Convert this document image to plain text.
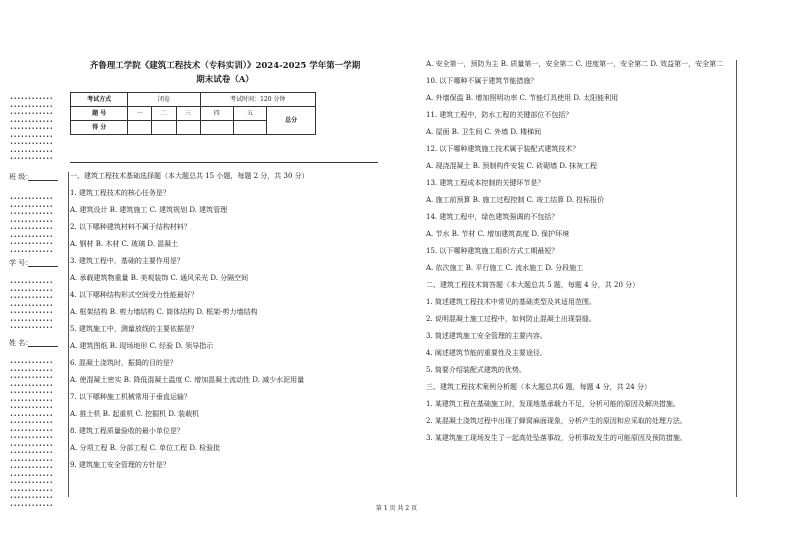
••••••••••••
••••••••••••
••••••••••••
••••••••••••
••••••••••••
••••••••••••
••••••••••••
••••••••••••
••••••••••••
班 级：
••••••••••••
••••••••••••
••••••••••••
••••••••••••
••••••••••••
••••••••••••
••••••••••••
••••••••••••
学 号：
••••••••••••
••••••••••••
••••••••••••
••••••••••••
••••••••••••
••••••••••••
••••••••••••
姓 名：
••••••••••••
••••••••••••
••••••••••••
••••••••••••
••••••••••••
••••••••••••
••••••••••••
••••••••••••
••••••••••••
••••••••••••
••••••••••••
••••••••••••
••••••••••••
••••••••••••
••••••••••••
••••••••••••
••••••••••••
••••••••••••
••••••••••••
••••••••••••
齐鲁理工学院《建筑工程技术（专科实训）》2024-2025 学年第一学期
期末试卷（A）
考试方式	闭卷			考试时间：120 分钟		
题 号	一	二	三	四	五	总分
得 分						

一、建筑工程技术基础选择题（本大题总共 15 小题，每题 2 分，共 30 分）

1. 建筑工程技术的核心任务是？

A. 建筑设计 B. 建筑施工 C. 建筑规划 D. 建筑管理

2. 以下哪种建筑材料不属于结构材料？

A. 钢材 B. 木材 C. 玻璃 D. 混凝土

3. 建筑工程中，基础的主要作用是？

A. 承载建筑物重量 B. 美观装饰 C. 通风采光 D. 分隔空间

4. 以下哪种结构形式空间受力性能最好？

A. 框架结构 B. 剪力墙结构 C. 筒体结构 D. 框架-剪力墙结构

5. 建筑施工中，测量放线的主要依据是？

A. 建筑图纸 B. 现场地形 C. 经验 D. 领导指示

6. 混凝土浇筑时，振捣的目的是？

A. 使混凝土密实 B. 降低混凝土温度 C. 增加混凝土流动性 D. 减少水泥用量

7. 以下哪种施工机械常用于垂直运输？

A. 推土机 B. 起重机 C. 挖掘机 D. 装载机

8. 建筑工程质量验收的最小单位是？

A. 分项工程 B. 分部工程 C. 单位工程 D. 检验批

9. 建筑施工安全管理的方针是？

A. 安全第一，预防为主 B. 质量第一，安全第二 C. 进度第一，安全第二 D. 效益第一，安全第二

10. 以下哪种不属于建筑节能措施？

A. 外墙保温 B. 增加照明功率 C. 节能灯具使用 D. 太阳能利用

11. 建筑工程中，防水工程的关键部位不包括？

A. 屋面 B. 卫生间 C. 外墙 D. 楼梯间

12. 以下哪种建筑施工技术属于装配式建筑技术？

A. 现浇混凝土 B. 预制构件安装 C. 砖砌墙 D. 抹灰工程

13. 建筑工程成本控制的关键环节是？

A. 施工前预算 B. 施工过程控制 C. 竣工结算 D. 投标报价

14. 建筑工程中，绿色建筑强调的不包括？

A. 节水 B. 节材 C. 增加建筑高度 D. 保护环境

15. 以下哪种建筑施工组织方式工期最短？

A. 依次施工 B. 平行施工 C. 流水施工 D. 分段施工

二、建筑工程技术简答题（本大题总共 5 题，每题 4 分，共 20 分）

1. 简述建筑工程技术中常见的基础类型及其适用范围。

2. 说明混凝土施工过程中，如何防止混凝土出现裂缝。

3. 简述建筑施工安全管理的主要内容。

4. 阐述建筑节能的重要性及主要途径。

5. 简要介绍装配式建筑的优势。

三、建筑工程技术案例分析题（本大题总共6 题，每题 4 分，共 24 分）

1. 某建筑工程在基础施工时，发现地基承载力不足，分析可能的原因及解决措施。

2. 某混凝土浇筑过程中出现了蜂窝麻面现象，分析产生的原因和应采取的处理方法。

3. 某建筑施工现场发生了一起高处坠落事故，分析事故发生的可能原因及预防措施。

第 1 页 共 2 页
